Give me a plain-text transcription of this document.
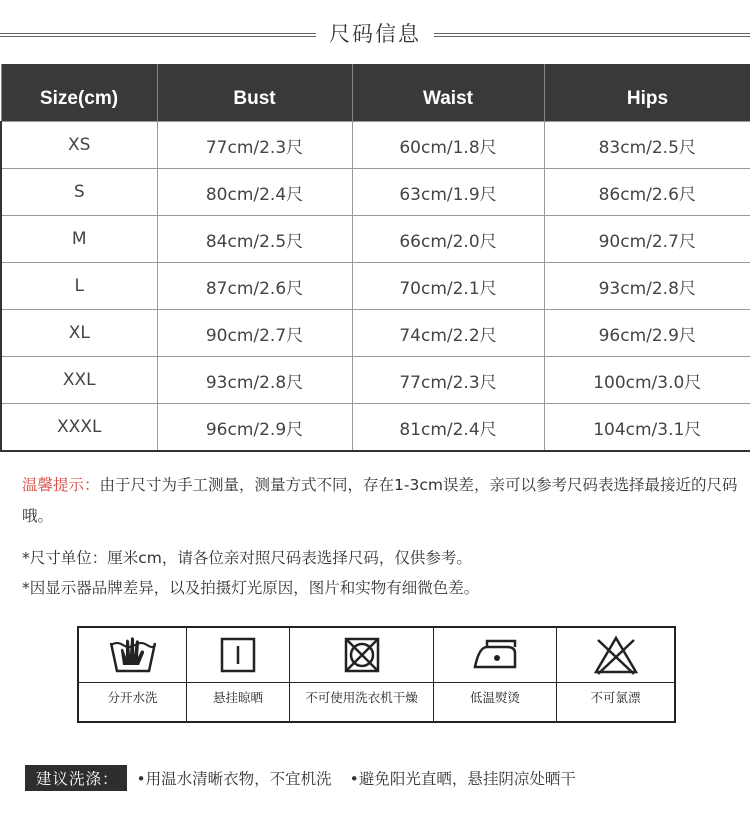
尺码信息
Size(cm)	Bust	Waist	Hips
XS	77cm/2.3尺	60cm/1.8尺	83cm/2.5尺
S	80cm/2.4尺	63cm/1.9尺	86cm/2.6尺
M	84cm/2.5尺	66cm/2.0尺	90cm/2.7尺
L	87cm/2.6尺	70cm/2.1尺	93cm/2.8尺
XL	90cm/2.7尺	74cm/2.2尺	96cm/2.9尺
XXL	93cm/2.8尺	77cm/2.3尺	100cm/3.0尺
XXXL	96cm/2.9尺	81cm/2.4尺	104cm/3.1尺
温馨提示：由于尺寸为手工测量，测量方式不同，存在1-3cm误差，亲可以参考尺码表选择最接近的尺码哦。
*尺寸单位：厘米cm，请各位亲对照尺码表选择尺码，仅供参考。
*因显示器品牌差异，以及拍摄灯光原因，图片和实物有细微色差。
分开水洗	悬挂晾晒	不可使用洗衣机干燥	低温熨烫	不可氯漂
建议洗涤：	•用温水清晰衣物，不宜机洗 •避免阳光直晒，悬挂阴凉处晒干
